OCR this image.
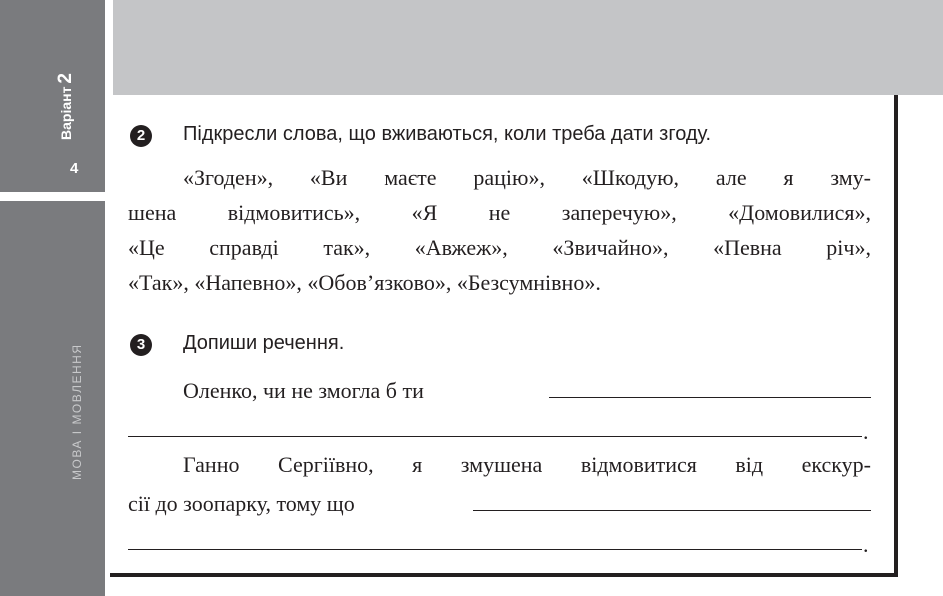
Варіант2
4
МОВА І МОВЛЕННЯ
2	Підкресли слова, що вживаються, коли треба дати згоду.
«Згоден», «Ви маєте рацію», «Шкодую, але я зму-
шена відмовитись», «Я не заперечую», «Домовилися»,
«Це справді так», «Авжеж», «Звичайно», «Певна річ»,
«Так», «Напевно», «Обов’язково», «Безсумнівно».
3	Допиши речення.
Оленко, чи не змогла б ти
.
Ганно Сергіївно, я змушена відмовитися від екскур-
сії до зоопарку, тому що
.
